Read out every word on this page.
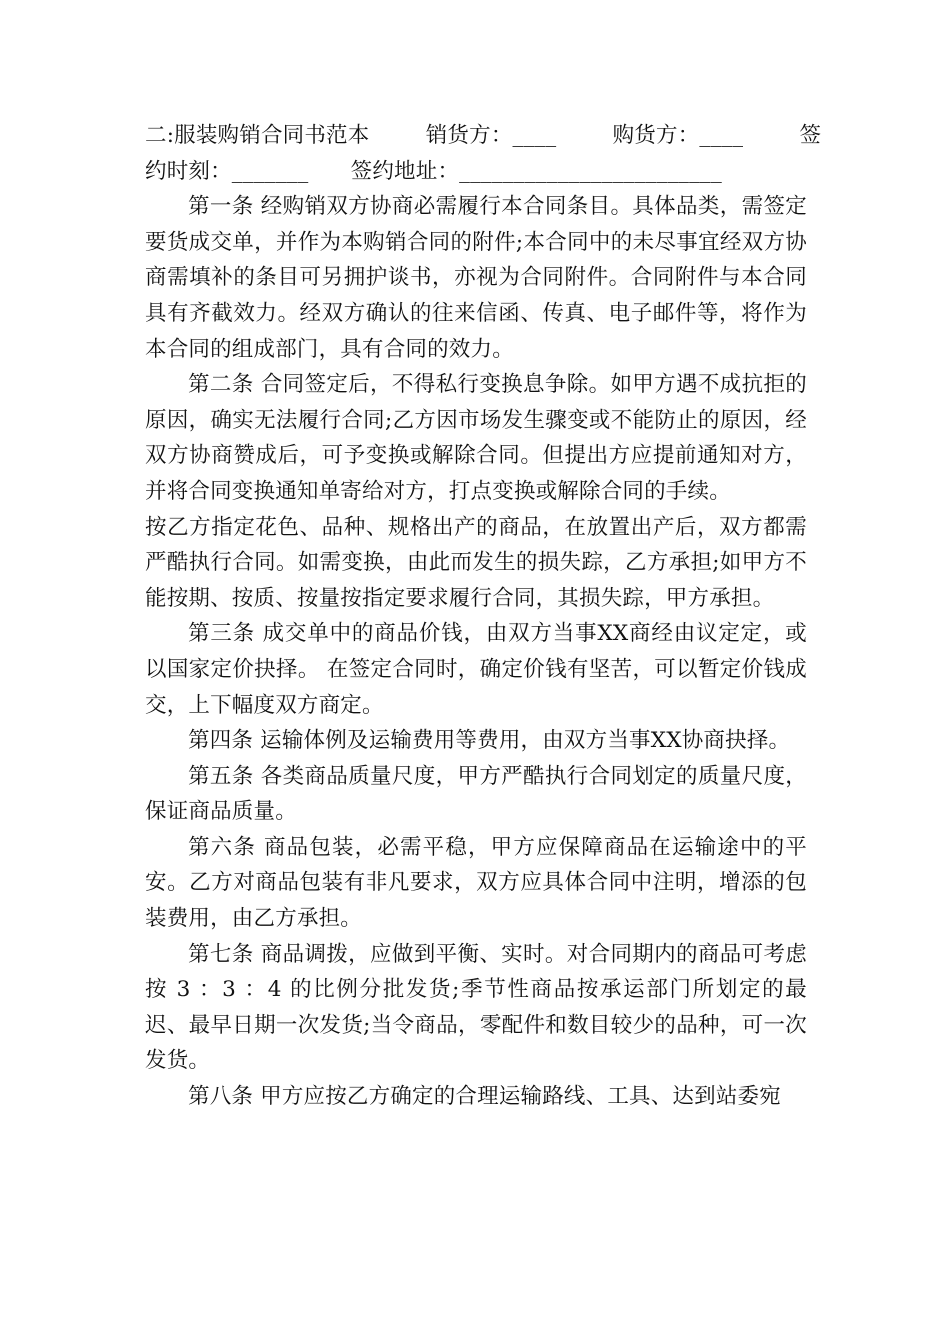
二:服装购销合同书范本        销货方：____        购货方：____        签
约时刻：_______      签约地址：________________________

第一条 经购销双方协商必需履行本合同条目。具体品类，需签定要货成交单，并作为本购销合同的附件;本合同中的未尽事宜经双方协商需填补的条目可另拥护谈书，亦视为合同附件。合同附件与本合同具有齐截效力。经双方确认的往来信函、传真、电子邮件等，将作为本合同的组成部门，具有合同的效力。

第二条 合同签定后，不得私行变换息争除。如甲方遇不成抗拒的原因，确实无法履行合同;乙方因市场发生骤变或不能防止的原因，经双方协商赞成后，可予变换或解除合同。但提出方应提前通知对方，并将合同变换通知单寄给对方，打点变换或解除合同的手续。

按乙方指定花色、品种、规格出产的商品，在放置出产后，双方都需严酷执行合同。如需变换，由此而发生的损失踪，乙方承担;如甲方不能按期、按质、按量按指定要求履行合同，其损失踪，甲方承担。

第三条 成交单中的商品价钱，由双方当事XX商经由议定定，或以国家定价抉择。 在签定合同时，确定价钱有坚苦，可以暂定价钱成交，上下幅度双方商定。

第四条 运输体例及运输费用等费用，由双方当事XX协商抉择。

第五条 各类商品质量尺度，甲方严酷执行合同划定的质量尺度，保证商品质量。

第六条 商品包装，必需平稳，甲方应保障商品在运输途中的平安。乙方对商品包装有非凡要求，双方应具体合同中注明，增添的包装费用，由乙方承担。

第七条 商品调拨，应做到平衡、实时。对合同期内的商品可考虑按 3 ：3 ：4 的比例分批发货;季节性商品按承运部门所划定的最迟、最早日期一次发货;当令商品，零配件和数目较少的品种，可一次发货。

第八条 甲方应按乙方确定的合理运输路线、工具、达到站委宛
